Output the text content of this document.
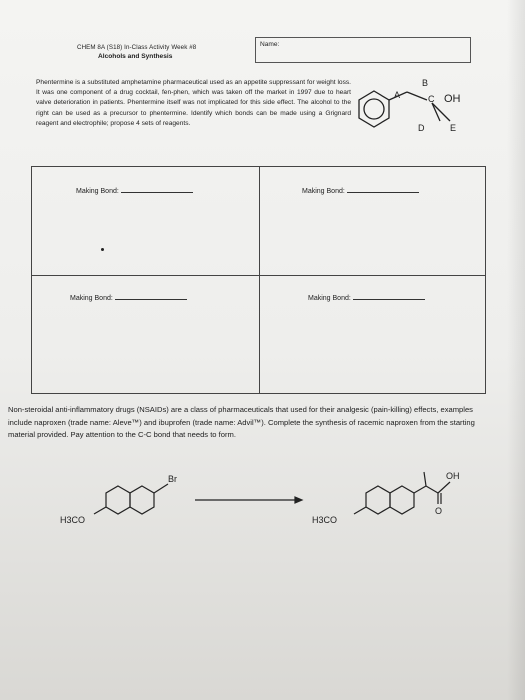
CHEM 8A (S18) In-Class Activity Week #8
Alcohols and Synthesis
Name:
Phentermine is a substituted amphetamine pharmaceutical used as an appetite suppressant for weight loss. It was one component of a drug cocktail, fen-phen, which was taken off the market in 1997 due to heart valve deterioration in patients. Phentermine itself was not implicated for this side effect. The alcohol to the right can be used as a precursor to phentermine. Identify which bonds can be made using a Grignard reagent and electrophile; propose 4 sets of reagents.
A
B
C OH
D	E
Making Bond:	Making Bond:
Making Bond:	Making Bond:
Non-steroidal anti-inflammatory drugs (NSAIDs) are a class of pharmaceuticals that used for their analgesic (pain-killing) effects, examples include naproxen (trade name: Aleve™) and ibuprofen (trade name: Advil™). Complete the synthesis of racemic naproxen from the starting material provided. Pay attention to the C-C bond that needs to form.
Br
H3CO
OH
O
H3CO
